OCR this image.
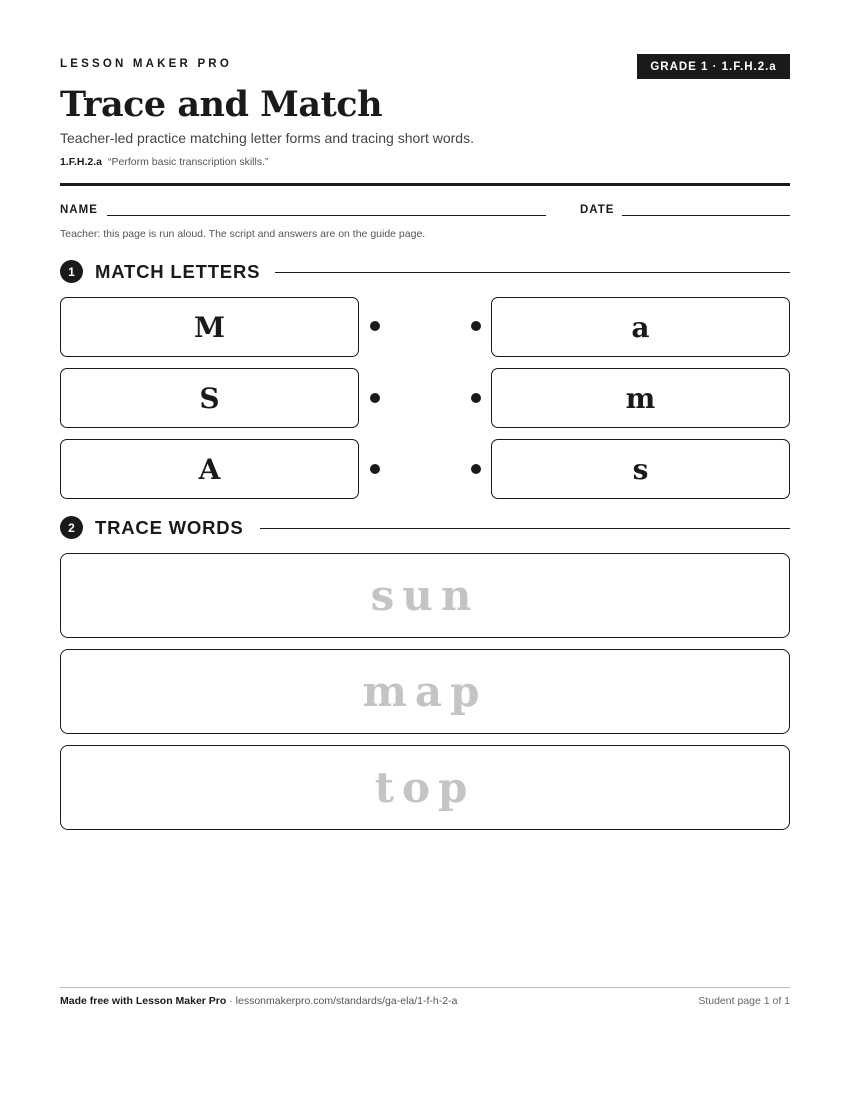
LESSON MAKER PRO	GRADE 1 · 1.F.H.2.a
Trace and Match
Teacher-led practice matching letter forms and tracing short words.
1.F.H.2.a “Perform basic transcription skills.”
NAME	DATE
Teacher: this page is run aloud. The script and answers are on the guide page.
1	MATCH LETTERS
M
S
A
a
m
s
2	TRACE WORDS
sun
map
top
Made free with Lesson Maker Pro · lessonmakerpro.com/standards/ga-ela/1-f-h-2-a	Student page 1 of 1
